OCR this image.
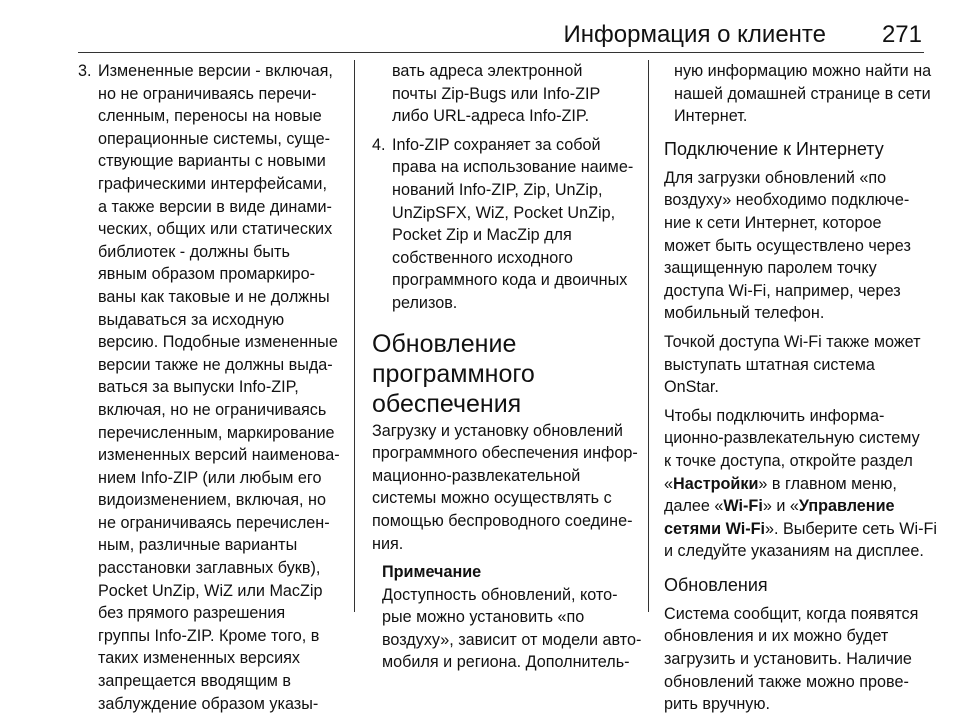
Информация о клиенте 271
3. Измененные версии - включая,
но не ограничиваясь перечи-
сленным, переносы на новые
операционные системы, суще-
ствующие варианты с новыми
графическими интерфейсами,
а также версии в виде динами-
ческих, общих или статических
библиотек - должны быть
явным образом промаркиро-
ваны как таковые и не должны
выдаваться за исходную
версию. Подобные измененные
версии также не должны выда-
ваться за выпуски Info-ZIP,
включая, но не ограничиваясь
перечисленным, маркирование
измененных версий наименова-
нием Info-ZIP (или любым его
видоизменением, включая, но
не ограничиваясь перечислен-
ным, различные варианты
расстановки заглавных букв),
Pocket UnZip, WiZ или MacZip
без прямого разрешения
группы Info-ZIP. Кроме того, в
таких измененных версиях
запрещается вводящим в
заблуждение образом указы-
вать адреса электронной
почты Zip-Bugs или Info-ZIP
либо URL-адреса Info-ZIP.
4. Info-ZIP сохраняет за собой
права на использование наиме-
нований Info-ZIP, Zip, UnZip,
UnZipSFX, WiZ, Pocket UnZip,
Pocket Zip и MacZip для
собственного исходного
программного кода и двоичных
релизов.
Обновление
программного
обеспечения
Загрузку и установку обновлений
программного обеспечения инфор-
мационно-развлекательной
системы можно осуществлять с
помощью беспроводного соедине-
ния.
Примечание
Доступность обновлений, кото-
рые можно установить «по
воздуху», зависит от модели авто-
мобиля и региона. Дополнитель-
ную информацию можно найти на
нашей домашней странице в сети
Интернет.
Подключение к Интернету
Для загрузки обновлений «по
воздуху» необходимо подключе-
ние к сети Интернет, которое
может быть осуществлено через
защищенную паролем точку
доступа Wi-Fi, например, через
мобильный телефон.
Точкой доступа Wi-Fi также может
выступать штатная система
OnStar.
Чтобы подключить информа-
ционно-развлекательную систему
к точке доступа, откройте раздел
«Настройки» в главном меню,
далее «Wi-Fi» и «Управление
сетями Wi-Fi». Выберите сеть Wi-Fi
и следуйте указаниям на дисплее.
Обновления
Система сообщит, когда появятся
обновления и их можно будет
загрузить и установить. Наличие
обновлений также можно прове-
рить вручную.
